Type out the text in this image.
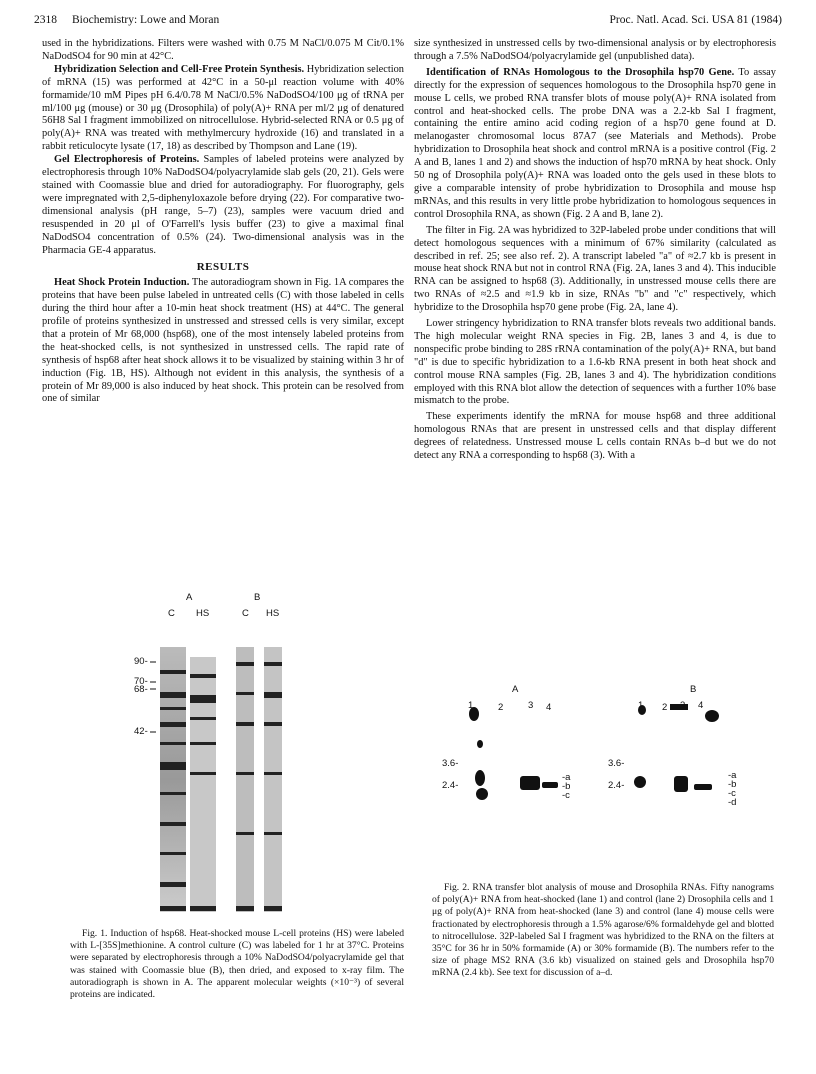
2318 Biochemistry: Lowe and Moran	Proc. Natl. Acad. Sci. USA 81 (1984)

used in the hybridizations. Filters were washed with 0.75 M NaCl/0.075 M Cit/0.1% NaDodSO4 for 90 min at 42°C.

Hybridization Selection and Cell-Free Protein Synthesis. Hybridization selection of mRNA (15) was performed at 42°C in a 50-μl reaction volume with 40% formamide/10 mM Pipes pH 6.4/0.78 M NaCl/0.5% NaDodSO4/100 μg of tRNA per ml/100 μg (mouse) or 30 μg (Drosophila) of poly(A)+ RNA per ml/2 μg of denatured 56H8 Sal I fragment immobilized on nitrocellulose. Hybrid-selected RNA or 0.5 μg of poly(A)+ RNA was treated with methylmercury hydroxide (16) and translated in a rabbit reticulocyte lysate (17, 18) as described by Thompson and Lane (19).

Gel Electrophoresis of Proteins. Samples of labeled proteins were analyzed by electrophoresis through 10% NaDodSO4/polyacrylamide slab gels (20, 21). Gels were stained with Coomassie blue and dried for autoradiography. For fluorography, gels were impregnated with 2,5-diphenyloxazole before drying (22). For comparative two-dimensional analysis (pH range, 5–7) (23), samples were vacuum dried and resuspended in 20 μl of O'Farrell's lysis buffer (23) to give a maximal final NaDodSO4 concentration of 0.5% (24). Two-dimensional analysis was in the Pharmacia GE-4 apparatus.

RESULTS

Heat Shock Protein Induction. The autoradiogram shown in Fig. 1A compares the proteins that have been pulse labeled in untreated cells (C) with those labeled in cells during the third hour after a 10-min heat shock treatment (HS) at 44°C. The general profile of proteins synthesized in unstressed and stressed cells is very similar, except that a protein of Mr 68,000 (hsp68), one of the most intensely labeled proteins from the heat-shocked cells, is not synthesized in unstressed cells. The rapid rate of synthesis of hsp68 after heat shock allows it to be visualized by staining within 3 hr of induction (Fig. 1B, HS). Although not evident in this analysis, the synthesis of a protein of Mr 89,000 is also induced by heat shock. This protein can be resolved from one of similar

size synthesized in unstressed cells by two-dimensional analysis or by electrophoresis through a 7.5% NaDodSO4/polyacrylamide gel (unpublished data).

Identification of RNAs Homologous to the Drosophila hsp70 Gene. To assay directly for the expression of sequences homologous to the Drosophila hsp70 gene in mouse L cells, we probed RNA transfer blots of mouse poly(A)+ RNA isolated from control and heat-shocked cells. The probe DNA was a 2.2-kb Sal I fragment, containing the entire amino acid coding region of a hsp70 gene found at D. melanogaster chromosomal locus 87A7 (see Materials and Methods). Probe hybridization to Drosophila heat shock and control mRNA is a positive control (Fig. 2 A and B, lanes 1 and 2) and shows the induction of hsp70 mRNA by heat shock. Only 50 ng of Drosophila poly(A)+ RNA was loaded onto the gels used in these blots to give a comparable intensity of probe hybridization to Drosophila and mouse hsp mRNAs, and this results in very little probe hybridization to homologous sequences in control Drosophila RNA, as shown (Fig. 2 A and B, lane 2).

The filter in Fig. 2A was hybridized to 32P-labeled probe under conditions that will detect homologous sequences with a minimum of 67% similarity (calculated as described in ref. 25; see also ref. 2). A transcript labeled "a" of ≈2.7 kb is present in mouse heat shock RNA but not in control RNA (Fig. 2A, lanes 3 and 4). This inducible RNA can be assigned to hsp68 (3). Additionally, in unstressed mouse cells there are two RNAs of ≈2.5 and ≈1.9 kb in size, RNAs "b" and "c" respectively, which hybridize to the Drosophila hsp70 gene probe (Fig. 2A, lane 4).

Lower stringency hybridization to RNA transfer blots reveals two additional bands. The high molecular weight RNA species in Fig. 2B, lanes 3 and 4, is due to nonspecific probe binding to 28S rRNA contamination of the poly(A)+ RNA, but band "d" is due to specific hybridization to a 1.6-kb RNA present in both heat shock and control mouse RNA samples (Fig. 2B, lanes 3 and 4). The hybridization conditions employed with this RNA blot allow the detection of sequences with a further 10% base mismatch to the probe.

These experiments identify the mRNA for mouse hsp68 and three additional homologous RNAs that are present in unstressed cells and that display different degrees of relatedness. Unstressed mouse L cells contain RNAs b–d but we do not detect any RNA a corresponding to hsp68 (3). With a

A	B
C HS	C HS
90-
70-
68-
42-

Fig. 1. Induction of hsp68. Heat-shocked mouse L-cell proteins (HS) were labeled with L-[35S]methionine. A control culture (C) was labeled for 1 hr at 37°C. Proteins were separated by electrophoresis through a 10% NaDodSO4/polyacrylamide gel that was stained with Coomassie blue (B), then dried, and exposed to x-ray film. The autoradiograph is shown in A. The apparent molecular weights (×10⁻³) of several proteins are indicated.

A	B
1	2	3 4	1 2 3 4
3.6-
2.4-
3.6-
2.4-
-a
-b
-c
-a
-b
-c
-d

Fig. 2. RNA transfer blot analysis of mouse and Drosophila RNAs. Fifty nanograms of poly(A)+ RNA from heat-shocked (lane 1) and control (lane 2) Drosophila cells and 1 μg of poly(A)+ RNA from heat-shocked (lane 3) and control (lane 4) mouse cells were fractionated by electrophoresis through a 1.5% agarose/6% formaldehyde gel and blotted to nitrocellulose. 32P-labeled Sal I fragment was hybridized to the RNA on the filters at 35°C for 36 hr in 50% formamide (A) or 30% formamide (B). The numbers refer to the size of phage MS2 RNA (3.6 kb) visualized on stained gels and Drosophila hsp70 mRNA (2.4 kb). See text for discussion of a–d.
